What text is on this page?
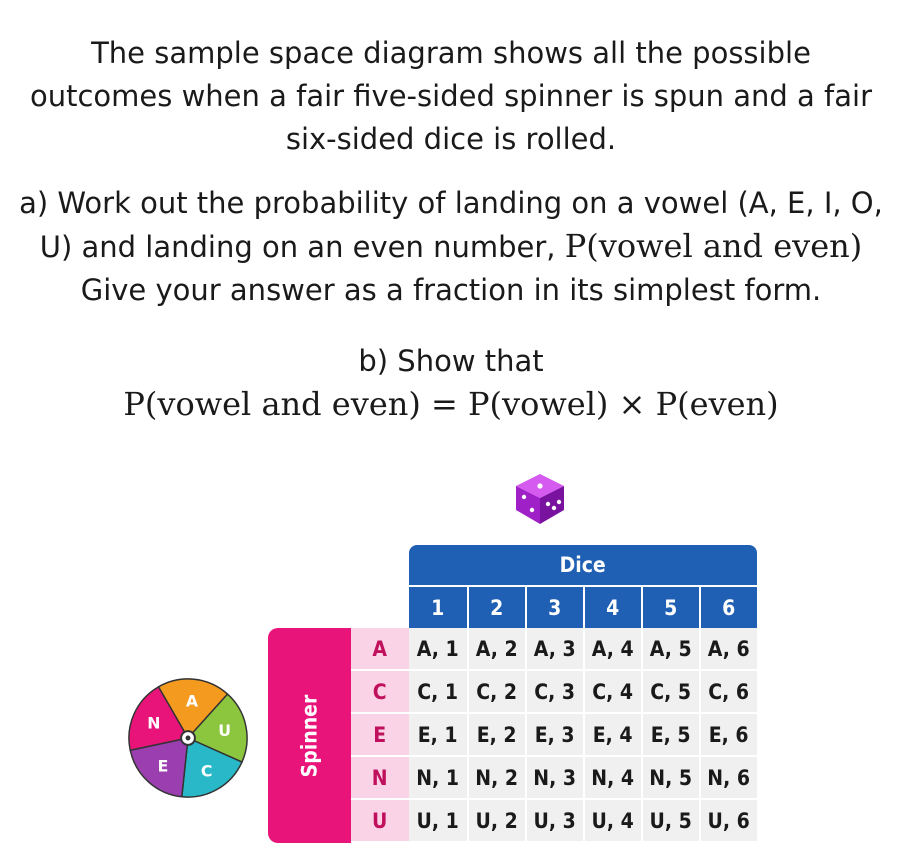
The sample space diagram shows all the possible
outcomes when a fair five-sided spinner is spun and a fair
six-sided dice is rolled.
a) Work out the probability of landing on a vowel (A, E, I, O,
U) and landing on an even number, P(vowel and even)
Give your answer as a fraction in its simplest form.
b) Show that
P(vowel and even) = P(vowel) × P(even)
A
U
C
E
N
		Dice					
		1	2	3	4	5	6
Spinner	A	A, 1	A, 2	A, 3	A, 4	A, 5	A, 6
	C	C, 1	C, 2	C, 3	C, 4	C, 5	C, 6
	E	E, 1	E, 2	E, 3	E, 4	E, 5	E, 6
	N	N, 1	N, 2	N, 3	N, 4	N, 5	N, 6
	U	U, 1	U, 2	U, 3	U, 4	U, 5	U, 6
